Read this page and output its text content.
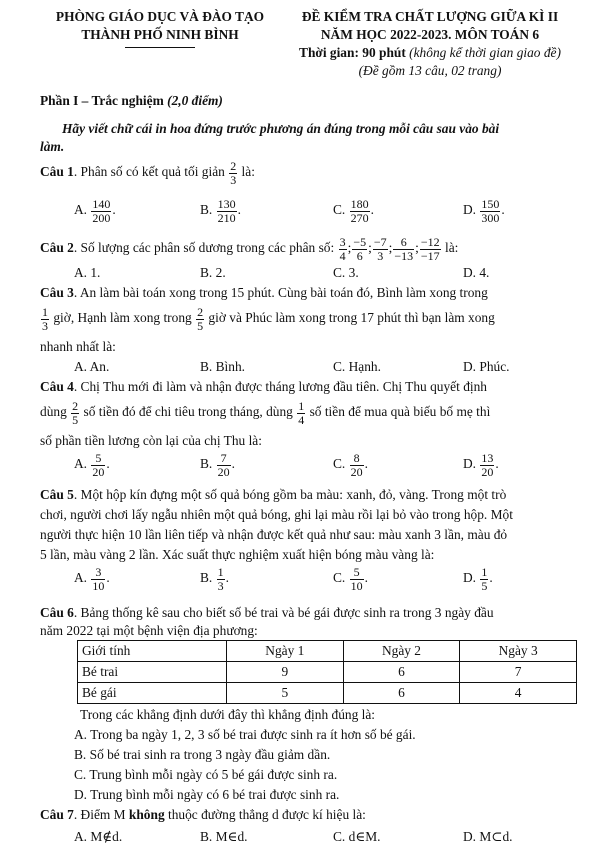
PHÒNG GIÁO DỤC VÀ ĐÀO TẠO
THÀNH PHỐ NINH BÌNH
ĐỀ KIỂM TRA CHẤT LƯỢNG GIỮA KÌ II
NĂM HỌC 2022-2023. MÔN TOÁN 6
Thời gian: 90 phút (không kể thời gian giao đề)
(Đề gồm 13 câu, 02 trang)
Phần I – Trắc nghiệm (2,0 điểm)
Hãy viết chữ cái in hoa đứng trước phương án đúng trong mỗi câu sau vào bài
làm.
Câu 1. Phân số có kết quả tối giản $\frac{2}{3}$ là:
A. $\frac{140}{200}$ .	B. $\frac{130}{210}$ .	C. $\frac{180}{270}$ .	D. $\frac{150}{300}$ .
Câu 2. Số lượng các phân số dương trong các phân số: $\frac{3}{4}$ ; $\frac{-5}{6}$ ; $\frac{-7}{3}$ ; $\frac{6}{-13}$ ; $\frac{-12}{-17}$ là:
A. 1.	B. 2.	C. 3.	D. 4.
Câu 3. An làm bài toán xong trong 15 phút. Cùng bài toán đó, Bình làm xong trong
$\frac{1}{3}$ giờ, Hạnh làm xong trong $\frac{2}{5}$ giờ và Phúc làm xong trong 17 phút thì bạn làm xong
nhanh nhất là:
A. An.	B. Bình.	C. Hạnh.	D. Phúc.
Câu 4. Chị Thu mới đi làm và nhận được tháng lương đầu tiên. Chị Thu quyết định
dùng $\frac{2}{5}$ số tiền đó để chi tiêu trong tháng, dùng $\frac{1}{4}$ số tiền để mua quà biếu bố mẹ thì
số phần tiền lương còn lại của chị Thu là:
A. $\frac{5}{20}$ .	B. $\frac{7}{20}$ .	C. $\frac{8}{20}$ .	D. $\frac{13}{20}$ .
Câu 5. Một hộp kín đựng một số quả bóng gồm ba màu: xanh, đỏ, vàng. Trong một trò
chơi, người chơi lấy ngẫu nhiên một quả bóng, ghi lại màu rồi lại bỏ vào trong hộp. Một
người thực hiện 10 lần liên tiếp và nhận được kết quả như sau: màu xanh 3 lần, màu đỏ
5 lần, màu vàng 2 lần. Xác suất thực nghiệm xuất hiện bóng màu vàng là:
A. $\frac{3}{10}$ .	B. $\frac{1}{3}$ .	C. $\frac{5}{10}$ .	D. $\frac{1}{5}$ .
Câu 6. Bảng thống kê sau cho biết số bé trai và bé gái được sinh ra trong 3 ngày đầu
năm 2022 tại một bệnh viện địa phương:
Giới tính	Ngày 1	Ngày 2	Ngày 3
Bé trai	9	6	7
Bé gái	5	6	4
Trong các khẳng định dưới đây thì khẳng định đúng là:
A. Trong ba ngày 1, 2, 3 số bé trai được sinh ra ít hơn số bé gái.
B. Số bé trai sinh ra trong 3 ngày đầu giảm dần.
C. Trung bình mỗi ngày có 5 bé gái được sinh ra.
D. Trung bình mỗi ngày có 6 bé trai được sinh ra.
Câu 7. Điểm M không thuộc đường thẳng d được kí hiệu là:
A. M∉d.	B. M∈d.	C. d∈M.	D. M⊂d.
